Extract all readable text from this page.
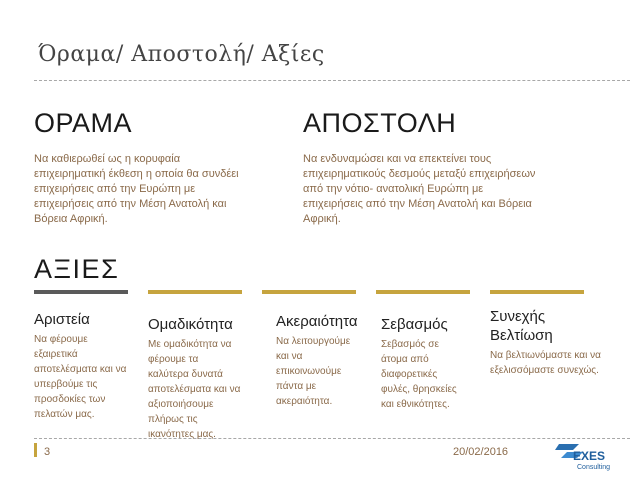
Όραμα/ Αποστολή/ Αξίες
ΟΡΑΜΑ
Να καθιερωθεί ως η κορυφαία
επιχειρηματική έκθεση η οποία θα συνδέει
επιχειρήσεις από την Ευρώπη με
επιχειρήσεις από την Μέση Ανατολή και
Βόρεια Αφρική.
ΑΠΟΣΤΟΛΗ
Να ενδυναμώσει και να επεκτείνει τους
επιχειρηματικούς δεσμούς μεταξύ επιχειρήσεων
από την νότιο- ανατολική Ευρώπη με
επιχειρήσεις από την Μέση Ανατολή και Βόρεια
Αφρική.
ΑΞΙΕΣ
Αριστεία
Να φέρουμε
εξαιρετικά
αποτελέσματα και να
υπερβούμε τις
προσδοκίες των
πελατών μας.
Ομαδικότητα
Με ομαδικότητα να
φέρουμε τα
καλύτερα δυνατά
αποτελέσματα και να
αξιοποιήσουμε
πλήρως τις
ικανότητες μας.
Ακεραιότητα
Να λειτουργούμε
και να
επικοινωνούμε
πάντα με
ακεραιότητα.
Σεβασμός
Σεβασμός σε
άτομα από
διαφορετικές
φυλές, θρησκείες
και εθνικότητες.
Συνεχής
Βελτίωση
Να βελτιωνόμαστε και να
εξελισσόμαστε συνεχώς.
3	20/02/2016	EXES
Consulting
